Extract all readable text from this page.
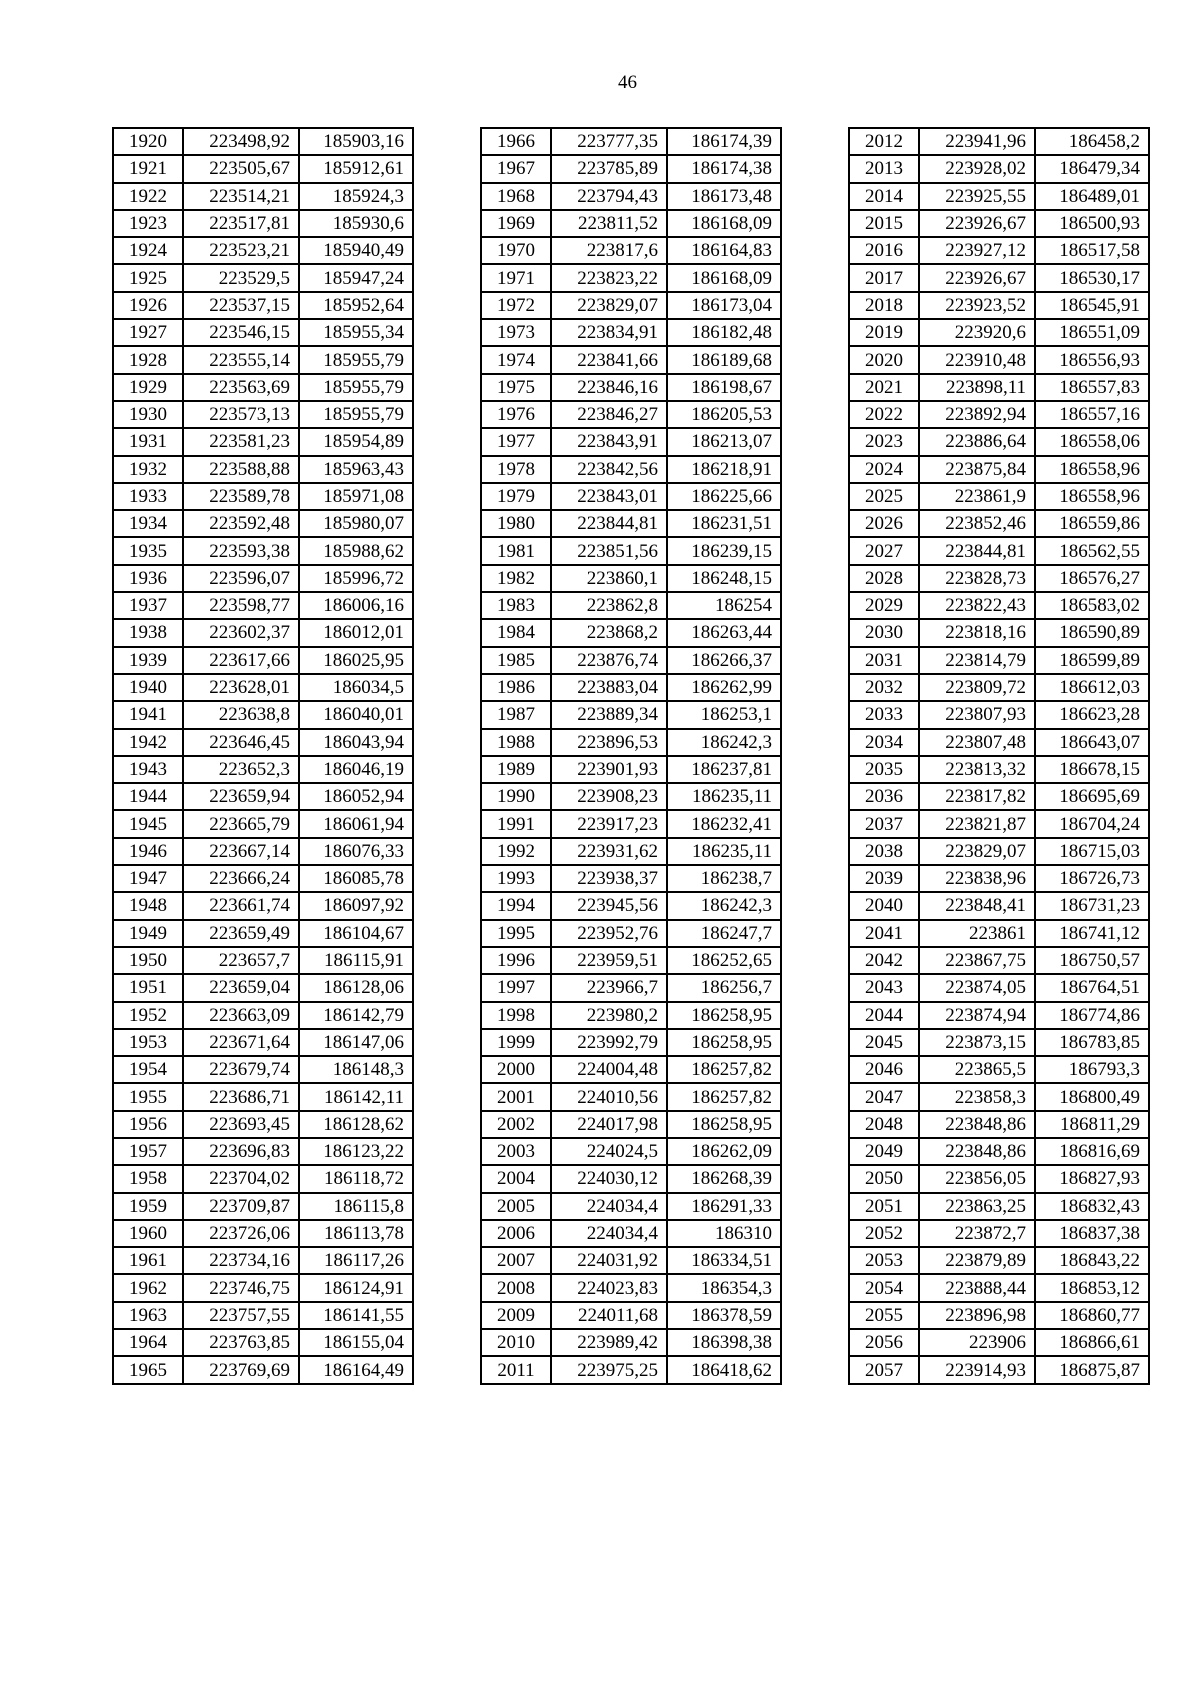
46
1920	223498,92	185903,16
1921	223505,67	185912,61
1922	223514,21	185924,3
1923	223517,81	185930,6
1924	223523,21	185940,49
1925	223529,5	185947,24
1926	223537,15	185952,64
1927	223546,15	185955,34
1928	223555,14	185955,79
1929	223563,69	185955,79
1930	223573,13	185955,79
1931	223581,23	185954,89
1932	223588,88	185963,43
1933	223589,78	185971,08
1934	223592,48	185980,07
1935	223593,38	185988,62
1936	223596,07	185996,72
1937	223598,77	186006,16
1938	223602,37	186012,01
1939	223617,66	186025,95
1940	223628,01	186034,5
1941	223638,8	186040,01
1942	223646,45	186043,94
1943	223652,3	186046,19
1944	223659,94	186052,94
1945	223665,79	186061,94
1946	223667,14	186076,33
1947	223666,24	186085,78
1948	223661,74	186097,92
1949	223659,49	186104,67
1950	223657,7	186115,91
1951	223659,04	186128,06
1952	223663,09	186142,79
1953	223671,64	186147,06
1954	223679,74	186148,3
1955	223686,71	186142,11
1956	223693,45	186128,62
1957	223696,83	186123,22
1958	223704,02	186118,72
1959	223709,87	186115,8
1960	223726,06	186113,78
1961	223734,16	186117,26
1962	223746,75	186124,91
1963	223757,55	186141,55
1964	223763,85	186155,04
1965	223769,69	186164,49
1966	223777,35	186174,39
1967	223785,89	186174,38
1968	223794,43	186173,48
1969	223811,52	186168,09
1970	223817,6	186164,83
1971	223823,22	186168,09
1972	223829,07	186173,04
1973	223834,91	186182,48
1974	223841,66	186189,68
1975	223846,16	186198,67
1976	223846,27	186205,53
1977	223843,91	186213,07
1978	223842,56	186218,91
1979	223843,01	186225,66
1980	223844,81	186231,51
1981	223851,56	186239,15
1982	223860,1	186248,15
1983	223862,8	186254
1984	223868,2	186263,44
1985	223876,74	186266,37
1986	223883,04	186262,99
1987	223889,34	186253,1
1988	223896,53	186242,3
1989	223901,93	186237,81
1990	223908,23	186235,11
1991	223917,23	186232,41
1992	223931,62	186235,11
1993	223938,37	186238,7
1994	223945,56	186242,3
1995	223952,76	186247,7
1996	223959,51	186252,65
1997	223966,7	186256,7
1998	223980,2	186258,95
1999	223992,79	186258,95
2000	224004,48	186257,82
2001	224010,56	186257,82
2002	224017,98	186258,95
2003	224024,5	186262,09
2004	224030,12	186268,39
2005	224034,4	186291,33
2006	224034,4	186310
2007	224031,92	186334,51
2008	224023,83	186354,3
2009	224011,68	186378,59
2010	223989,42	186398,38
2011	223975,25	186418,62
2012	223941,96	186458,2
2013	223928,02	186479,34
2014	223925,55	186489,01
2015	223926,67	186500,93
2016	223927,12	186517,58
2017	223926,67	186530,17
2018	223923,52	186545,91
2019	223920,6	186551,09
2020	223910,48	186556,93
2021	223898,11	186557,83
2022	223892,94	186557,16
2023	223886,64	186558,06
2024	223875,84	186558,96
2025	223861,9	186558,96
2026	223852,46	186559,86
2027	223844,81	186562,55
2028	223828,73	186576,27
2029	223822,43	186583,02
2030	223818,16	186590,89
2031	223814,79	186599,89
2032	223809,72	186612,03
2033	223807,93	186623,28
2034	223807,48	186643,07
2035	223813,32	186678,15
2036	223817,82	186695,69
2037	223821,87	186704,24
2038	223829,07	186715,03
2039	223838,96	186726,73
2040	223848,41	186731,23
2041	223861	186741,12
2042	223867,75	186750,57
2043	223874,05	186764,51
2044	223874,94	186774,86
2045	223873,15	186783,85
2046	223865,5	186793,3
2047	223858,3	186800,49
2048	223848,86	186811,29
2049	223848,86	186816,69
2050	223856,05	186827,93
2051	223863,25	186832,43
2052	223872,7	186837,38
2053	223879,89	186843,22
2054	223888,44	186853,12
2055	223896,98	186860,77
2056	223906	186866,61
2057	223914,93	186875,87
